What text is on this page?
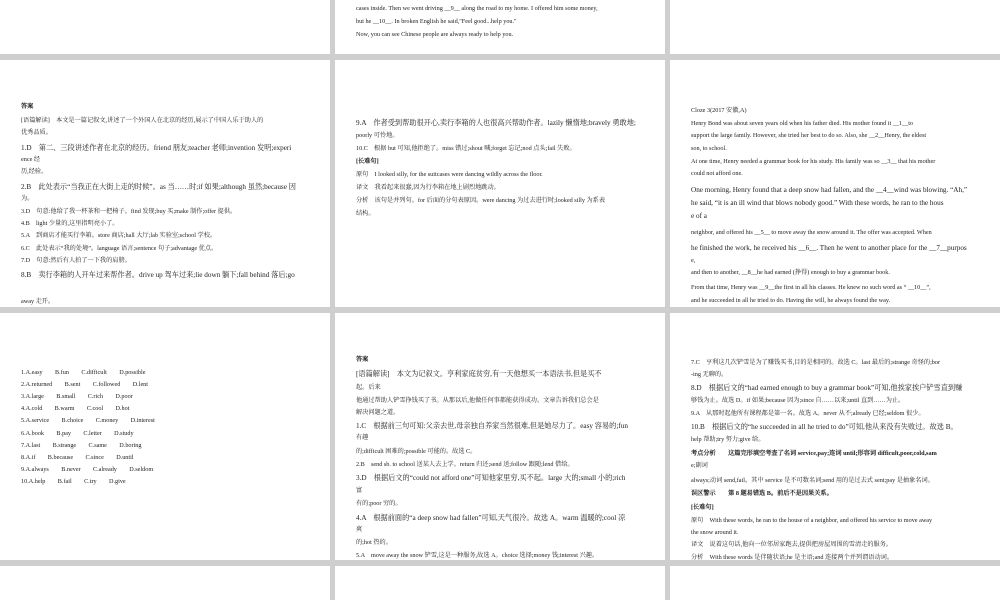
cases inside. Then we went driving __9__ along the road to my home. I offered him some money,
but he __10__. In broken English he said,"Feel good...help you."
Now, you can see Chinese people are always ready to help you.
答案
[语篇解读]　本文是一篇记叙文,讲述了一个外国人在北京的经历,展示了中国人乐于助人的
优秀品质。
1.D　第二、三段讲述作者在北京的经历。friend 朋友;teacher 老师;invention 发明;experi
ence 经
历,经验。
2.B　此处表示“当我正在大街上走的时候”。as 当……时;if 如果;although 虽然;because 因
为。
3.D　句意:他给了我一杯茶和一把椅子。find 发现;buy 买;make 制作;offer 提供。
4.B　light 少量的,这里指明亮小了。
5.A　到商店才能买行李箱。store 商店;hall 大厅;lab 实验室;school 学校。
6.C　此处表示“我的处境”。language 语言;sentence 句子;advantage 优点。
7.D　句意:然后有人拍了一下我的肩膀。
8.B　卖行李箱的人开车过来帮作者。drive up 驾车过来;lie down 躺下;fall behind 落后;go
away 走开。
9.A　作者受到帮助很开心,卖行李箱的人也很高兴帮助作者。lazily 懒惰地;bravely 勇敢地;
poorly 可怜地。
10.C　根据 but 可知,他拒绝了。miss 错过;shout 喊;forget 忘记;nod 点头;fail 失败。
[长难句]
原句　I looked silly, for the suitcases were dancing wildly across the floor.
译文　我看起来很蠢,因为行李箱在地上剧烈地跳动。
分析　该句是并列句。for 后面的分句表原因。were dancing 为过去进行时;looked silly 为系表
结构。
Cloze 3(2017 安徽,A)
Henry Bond was about seven years old when his father died. His mother found it __1__to
support the large family. However, she tried her best to do so. Also, she __2__Henry, the eldest
son, to school.
At one time, Henry needed a grammar book for his study. His family was so __3__ that his mother
could not afford one.
One morning, Henry found that a deep snow had fallen, and the __4__wind was blowing. “Ah,”
he said, “it is an ill wind that blows nobody good.” With these words, he ran to the hous
e of a
neighbor, and offered his __5__ to move away the snow around it. The offer was accepted. When
he finished the work, he received his __6__. Then he went to another place for the __7__purpos
e,
and then to another, __8__he had earned (挣得) enough to buy a grammar book.
From that time, Henry was __9__the first in all his classes. He knew no such word as “ __10__”,
and he succeeded in all he tried to do. Having the will, he always found the way.
1.A.easy　　B.fun　　C.difficult　　D.possible
2.A.returned　　B.sent　　C.followed　　D.lent
3.A.large　　B.small　　C.rich　　D.poor
4.A.cold　　B.warm　　C.cool　　D.hot
5.A.service　　B.choice　　C.money　　D.interest
6.A.book　　B.pay　　C.letter　　D.study
7.A.last　　B.strange　　C.same　　D.boring
8.A.if　　B.because　　C.since　　D.until
9.A.always　　B.never　　C.already　　D.seldom
10.A.help　　B.fail　　C.try　　D.give
答案
[语篇解读]　本文为记叙文。亨利家庭贫穷,有一天他想买一本语法书,但是买不
起。后来
他通过帮助人铲雪挣钱买了书。从那以后,他做任何事都能获得成功。文章告诉我们总会是
解决问题之道。
1.C　根据前三句可知:父亲去世,母亲独自养家当然很难,但是她尽力了。easy 容易的;fun
有趣
的;difficult 困难的;possible 可能的。故选 C。
2.B　send sb. to school 送某人去上学。return 归还;send 送;follow 跟随;lend 借给。
3.D　根据后文的“could not afford one”可知他家里穷,买不起。large 大的;small 小的;rich
富
有的;poor 穷的。
4.A　根据前面的“a deep snow had fallen”可知,天气很冷。故选 A。warm 温暖的;cool 凉
爽
的;hot 热的。
5.A　move away the snow 铲雪,这是一种服务,故选 A。choice 选择;money 钱;interest 兴趣。
7.C　亨利这几次铲雪是为了赚钱买书,目的是相同的。故选 C。last 最后的;strange 奇怪的;bor
-ing 无聊的。
8.D　根据后文的“had earned enough to buy a grammar book”可知,他挨家挨户铲雪直到赚
够钱为止。故选 D。if 如果;because 因为;since 自……以来;until 直到……为止。
9.A　从那时起他所有课程都是第一名。故选 A。never 从不;already 已经;seldom 很少。
10.B　根据后文的“he succeeded in all he tried to do”可知,他从来没有失败过。故选 B。
help 帮助;try 努力;give 给。
考点分析　　这篇完形填空考查了名词 service,pay;连词 until;形容词 difficult,poor,cold,sam
e;副词
always;动词 send,fail。其中 service 是不可数名词;send 用的是过去式 sent;pay 是抽象名词。
误区警示　　第 8 题易错选 B。前后不是因果关系。
[长难句]
原句　With these words, he ran to the house of a neighbor, and offered his service to move away
the snow around it.
译文　说着这句话,他向一位邻居家跑去,提供把房屋周围的雪清走的服务。
分析　With these words 是伴随状语;he 是主语;and 连接两个并列谓语动词。
